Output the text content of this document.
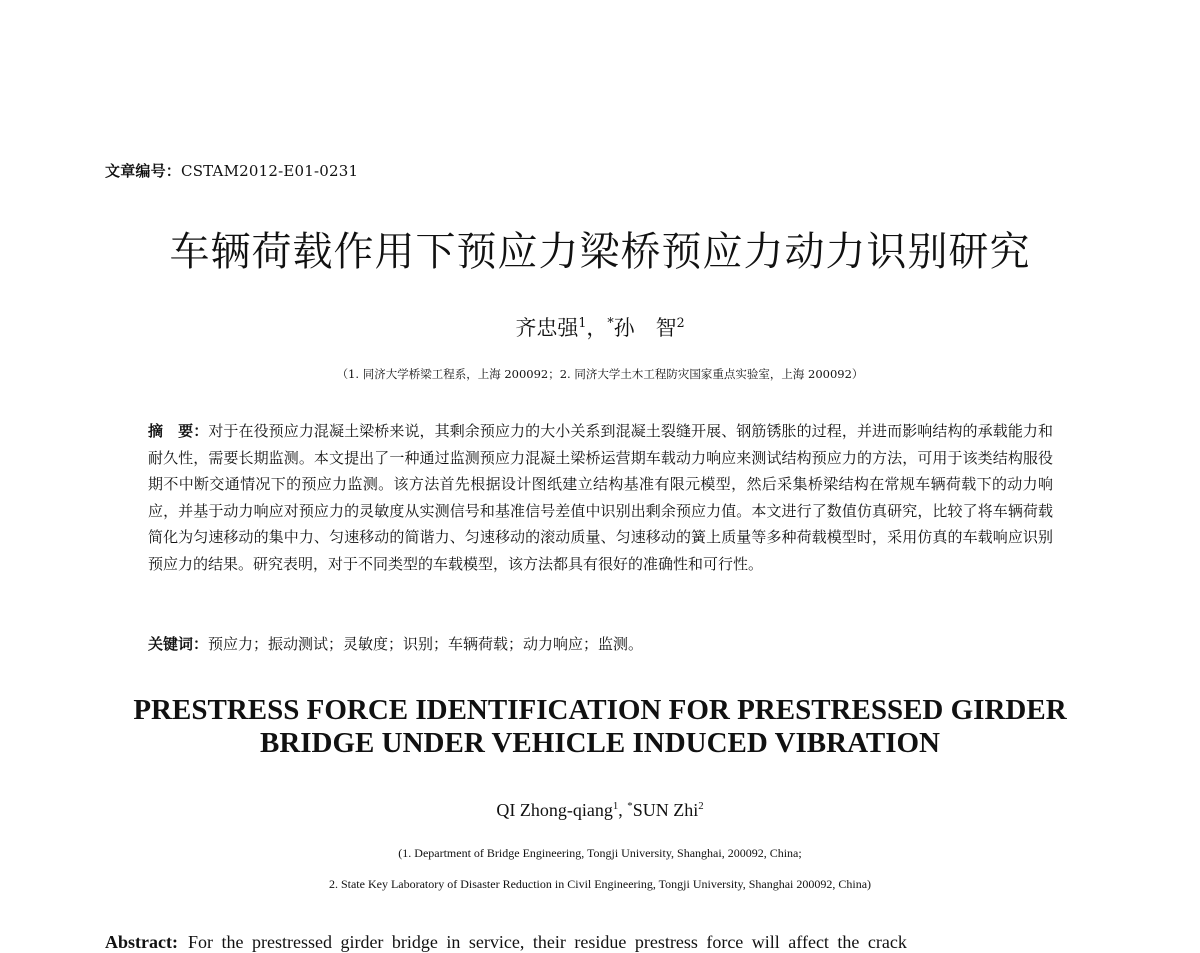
文章编号：CSTAM2012-E01-0231
车辆荷载作用下预应力梁桥预应力动力识别研究
齐忠强$^1$，*孙　智$^2$
（1. 同济大学桥梁工程系，上海 200092；2. 同济大学土木工程防灾国家重点实验室，上海 200092）
摘　要：对于在役预应力混凝土梁桥来说，其剩余预应力的大小关系到混凝土裂缝开展、钢筋锈胀的过程，并进而影响结构的承载能力和耐久性，需要长期监测。本文提出了一种通过监测预应力混凝土梁桥运营期车载动力响应来测试结构预应力的方法，可用于该类结构服役期不中断交通情况下的预应力监测。该方法首先根据设计图纸建立结构基准有限元模型，然后采集桥梁结构在常规车辆荷载下的动力响应，并基于动力响应对预应力的灵敏度从实测信号和基准信号差值中识别出剩余预应力值。本文进行了数值仿真研究，比较了将车辆荷载简化为匀速移动的集中力、匀速移动的简谐力、匀速移动的滚动质量、匀速移动的簧上质量等多种荷载模型时，采用仿真的车载响应识别预应力的结果。研究表明，对于不同类型的车载模型，该方法都具有很好的准确性和可行性。
关键词：预应力；振动测试；灵敏度；识别；车辆荷载；动力响应；监测。
PRESTRESS FORCE IDENTIFICATION FOR PRESTRESSED GIRDER
BRIDGE UNDER VEHICLE INDUCED VIBRATION
QI Zhong-qiang$^1$, *SUN Zhi$^2$
(1. Department of Bridge Engineering, Tongji University, Shanghai, 200092, China;
2. State Key Laboratory of Disaster Reduction in Civil Engineering, Tongji University, Shanghai 200092, China)
Abstract: For the prestressed girder bridge in service, their residue prestress force will affect the crack
